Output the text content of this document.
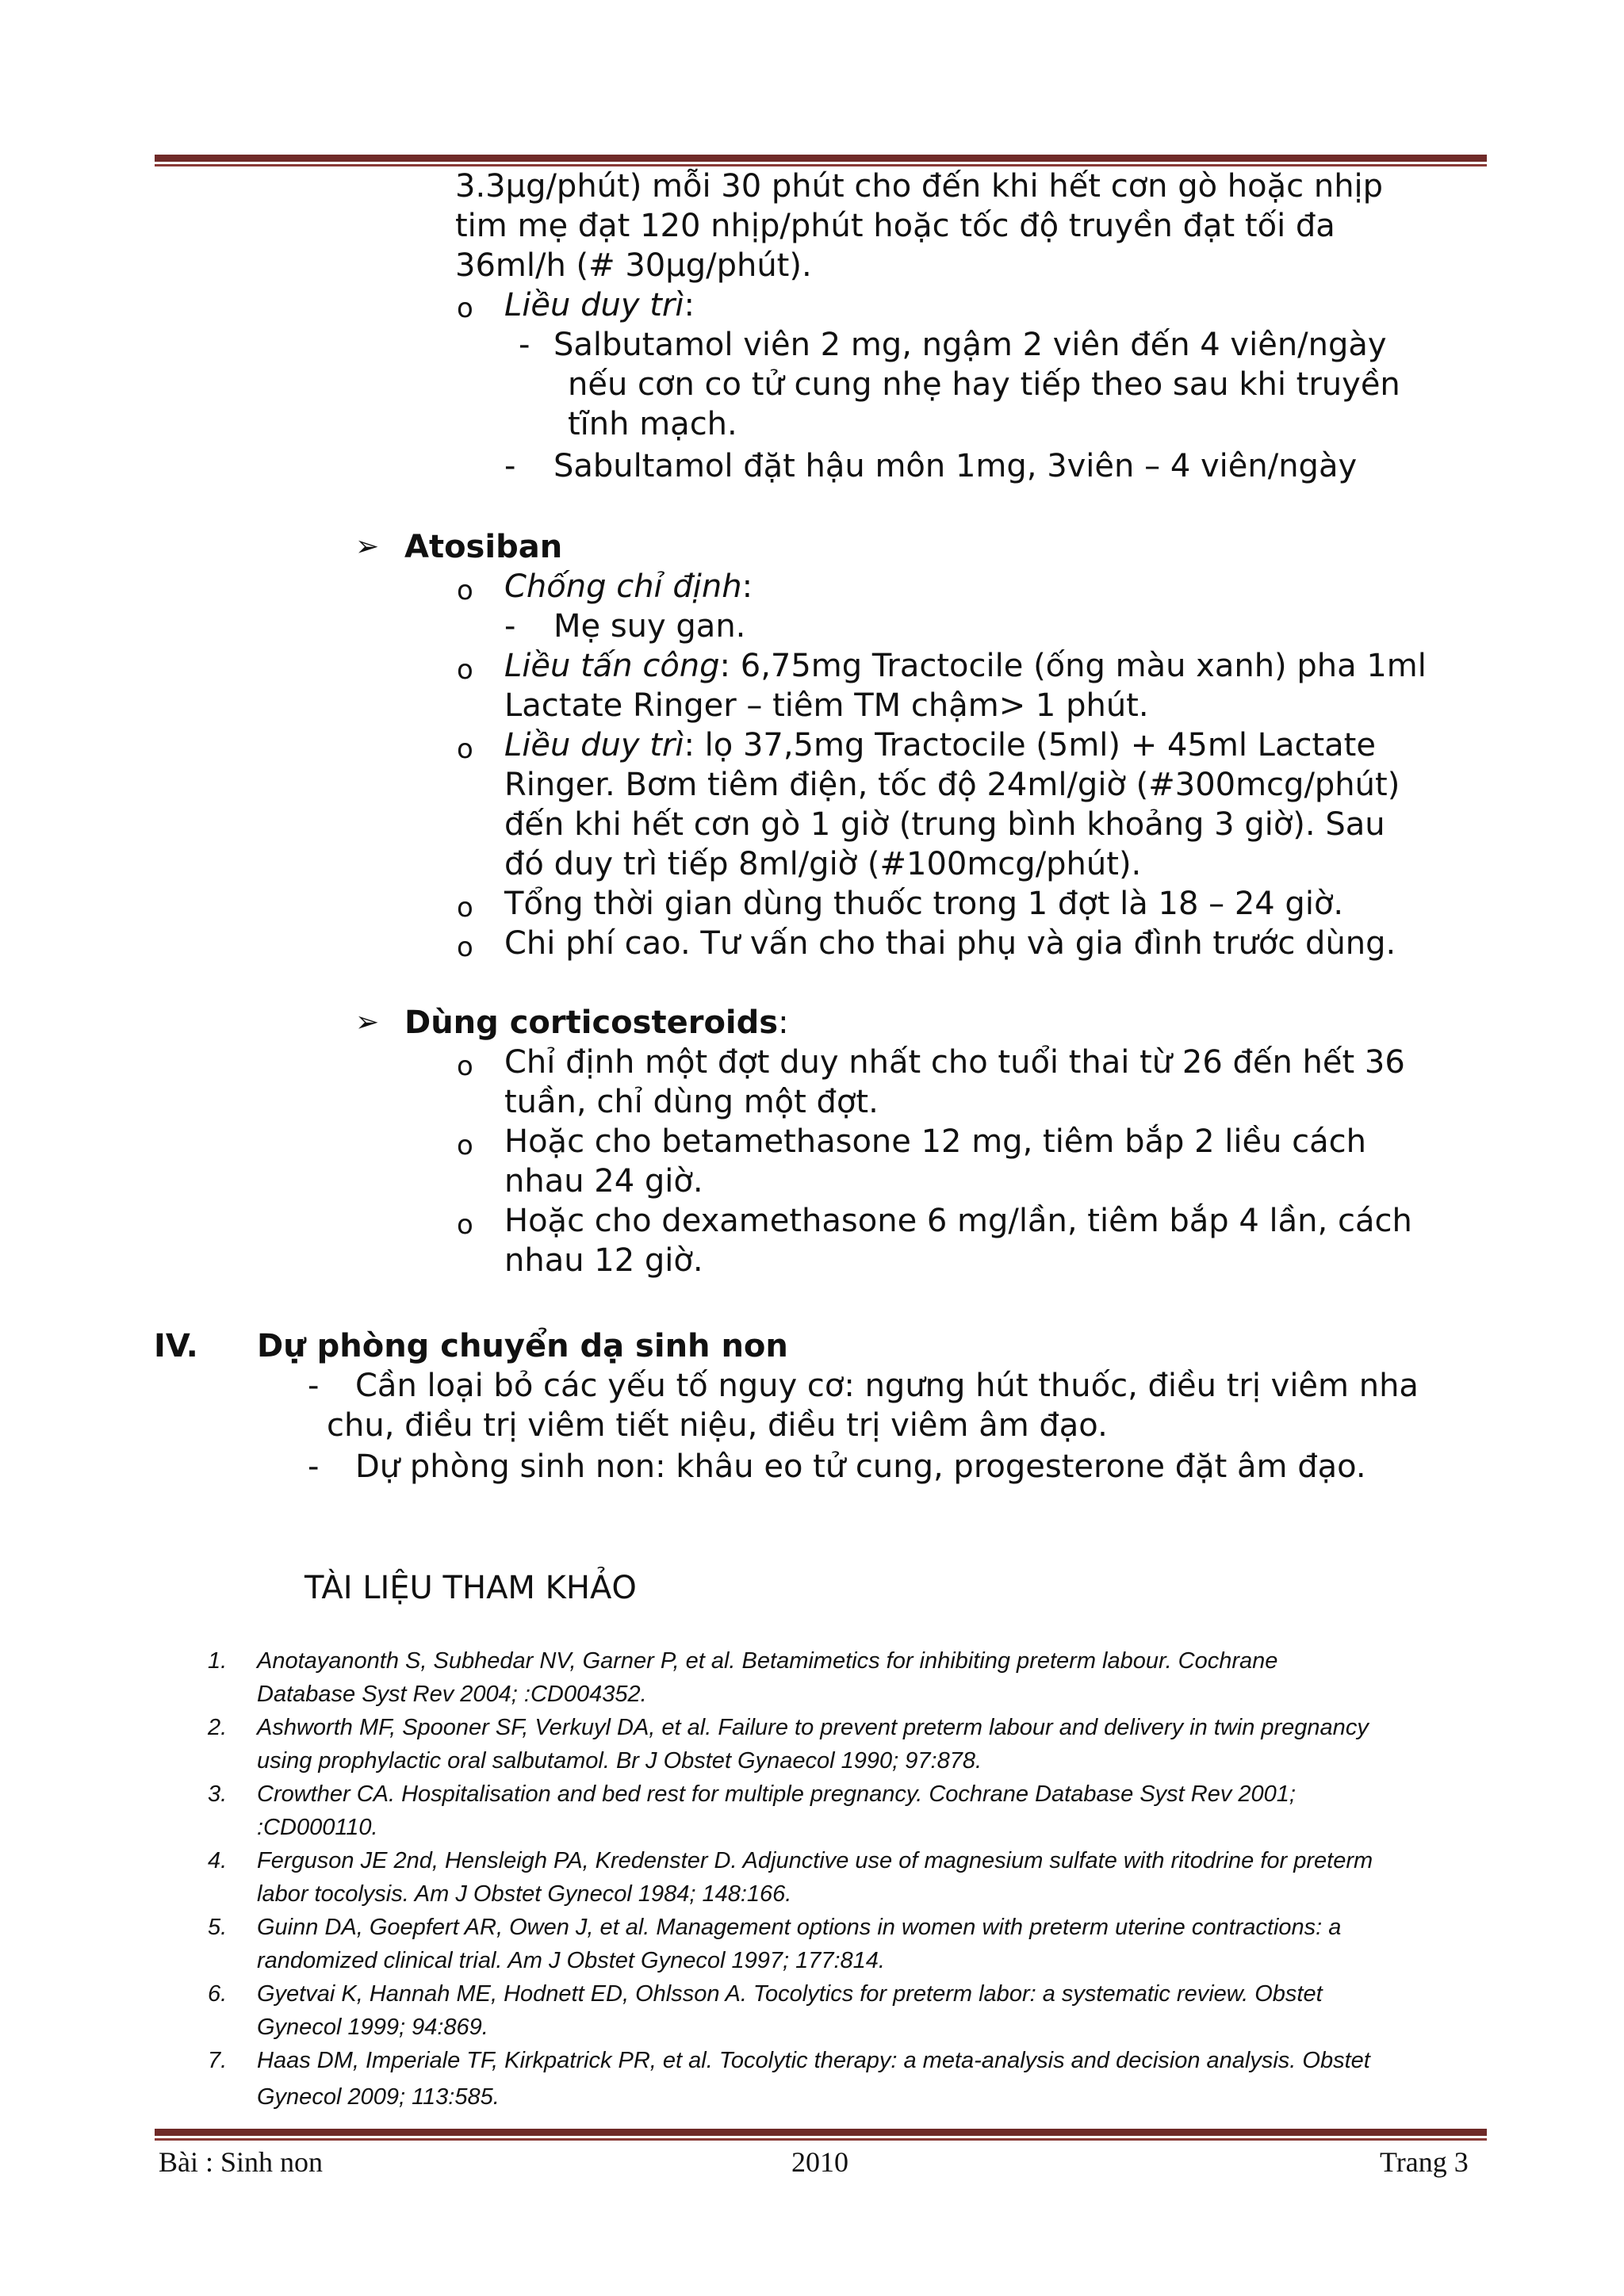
3.3µg/phút) mỗi 30 phút cho đến khi hết cơn gò hoặc nhịp
tim mẹ đạt 120 nhịp/phút hoặc tốc độ truyền đạt tối đa
36ml/h (# 30µg/phút).
o Liều duy trì:
- Salbutamol viên 2 mg, ngậm 2 viên đến 4 viên/ngày
nếu cơn co tử cung nhẹ hay tiếp theo sau khi truyền
tĩnh mạch.
- Sabultamol đặt hậu môn 1mg, 3viên – 4 viên/ngày
➢ Atosiban
o Chống chỉ định:
- Mẹ suy gan.
o Liều tấn công: 6,75mg Tractocile (ống màu xanh) pha 1ml
Lactate Ringer – tiêm TM chậm> 1 phút.
o Liều duy trì: lọ 37,5mg Tractocile (5ml) + 45ml Lactate
Ringer. Bơm tiêm điện, tốc độ 24ml/giờ (#300mcg/phút)
đến khi hết cơn gò 1 giờ (trung bình khoảng 3 giờ). Sau
đó duy trì tiếp 8ml/giờ (#100mcg/phút).
o Tổng thời gian dùng thuốc trong 1 đợt là 18 – 24 giờ.
o Chi phí cao. Tư vấn cho thai phụ và gia đình trước dùng.
➢ Dùng corticosteroids:
o Chỉ định một đợt duy nhất cho tuổi thai từ 26 đến hết 36
tuần, chỉ dùng một đợt.
o Hoặc cho betamethasone 12 mg, tiêm bắp 2 liều cách
nhau 24 giờ.
o Hoặc cho dexamethasone 6 mg/lần, tiêm bắp 4 lần, cách
nhau 12 giờ.
IV. Dự phòng chuyển dạ sinh non
- Cần loại bỏ các yếu tố nguy cơ: ngưng hút thuốc, điều trị viêm nha
chu, điều trị viêm tiết niệu, điều trị viêm âm đạo.
- Dự phòng sinh non: khâu eo tử cung, progesterone đặt âm đạo.
TÀI LIỆU THAM KHẢO
1. Anotayanonth S, Subhedar NV, Garner P, et al. Betamimetics for inhibiting preterm labour. Cochrane
Database Syst Rev 2004; :CD004352.
2. Ashworth MF, Spooner SF, Verkuyl DA, et al. Failure to prevent preterm labour and delivery in twin pregnancy
using prophylactic oral salbutamol. Br J Obstet Gynaecol 1990; 97:878.
3. Crowther CA. Hospitalisation and bed rest for multiple pregnancy. Cochrane Database Syst Rev 2001;
:CD000110.
4. Ferguson JE 2nd, Hensleigh PA, Kredenster D. Adjunctive use of magnesium sulfate with ritodrine for preterm
labor tocolysis. Am J Obstet Gynecol 1984; 148:166.
5. Guinn DA, Goepfert AR, Owen J, et al. Management options in women with preterm uterine contractions: a
randomized clinical trial. Am J Obstet Gynecol 1997; 177:814.
6. Gyetvai K, Hannah ME, Hodnett ED, Ohlsson A. Tocolytics for preterm labor: a systematic review. Obstet
Gynecol 1999; 94:869.
7. Haas DM, Imperiale TF, Kirkpatrick PR, et al. Tocolytic therapy: a meta-analysis and decision analysis. Obstet
Gynecol 2009; 113:585.
Bài : Sinh non	2010	Trang 3
